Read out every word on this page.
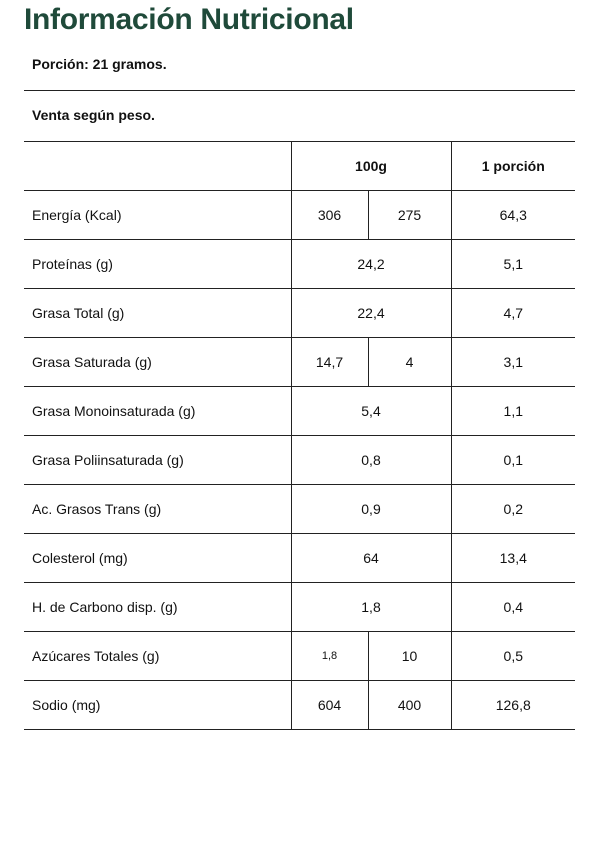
Información Nutricional
Porción: 21 gramos.
Venta según peso.
	100g		1 porción
Energía (Kcal)	306	275	64,3
Proteínas (g)	24,2		5,1
Grasa Total (g)	22,4		4,7
Grasa Saturada (g)	14,7	4	3,1
Grasa Monoinsaturada (g)	5,4		1,1
Grasa Poliinsaturada (g)	0,8		0,1
Ac. Grasos Trans (g)	0,9		0,2
Colesterol (mg)	64		13,4
H. de Carbono disp. (g)	1,8		0,4
Azúcares Totales (g)	1,8	10	0,5
Sodio (mg)	604	400	126,8
